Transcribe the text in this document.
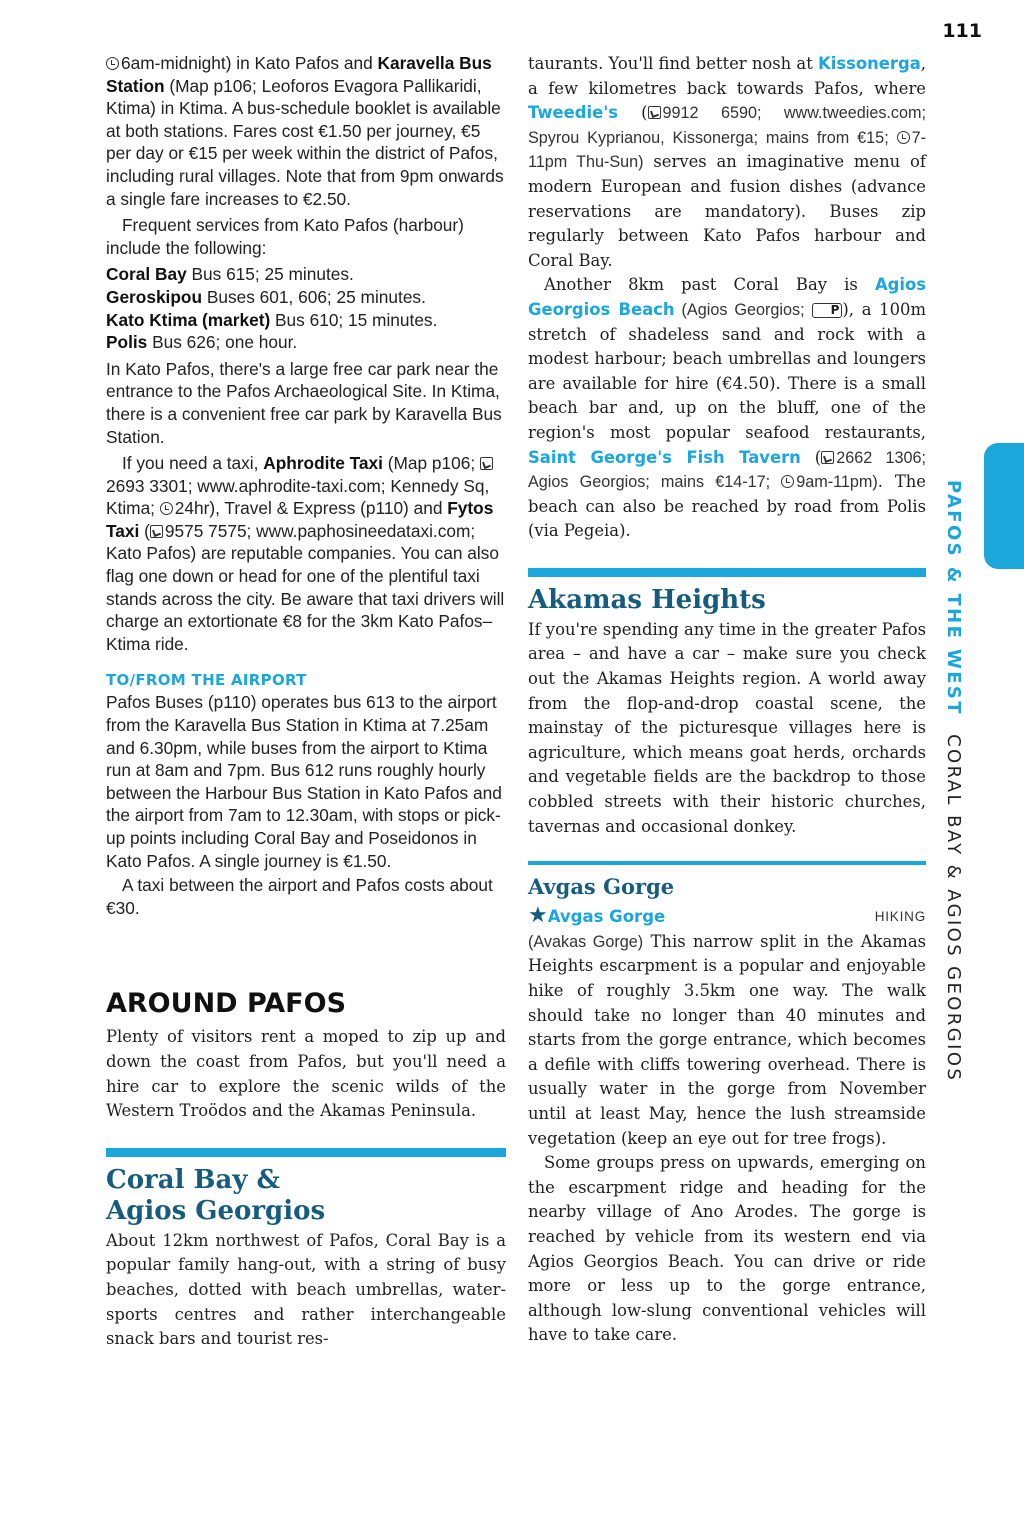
111
PAFOS & THE WEST CORAL BAY & AGIOS GEORGIOS

6am-midnight) in Kato Pafos and Karavella Bus Station (Map p106; Leoforos Evagora Pallikaridi, Ktima) in Ktima. A bus-schedule booklet is available at both stations. Fares cost €1.50 per journey, €5 per day or €15 per week within the district of Pafos, including rural villages. Note that from 9pm onwards a single fare increases to €2.50.

Frequent services from Kato Pafos (harbour) include the following:

Coral Bay Bus 615; 25 minutes.

Geroskipou Buses 601, 606; 25 minutes.

Kato Ktima (market) Bus 610; 15 minutes.

Polis Bus 626; one hour.

In Kato Pafos, there's a large free car park near the entrance to the Pafos Archaeological Site. In Ktima, there is a convenient free car park by Karavella Bus Station.

If you need a taxi, Aphrodite Taxi (Map p106; 2693 3301; www.aphrodite-taxi.com; Kennedy Sq, Ktima; 24hr), Travel & Express (p110) and Fytos Taxi ( 9575 7575; www.paphosineedataxi.com; Kato Pafos) are reputable companies. You can also flag one down or head for one of the plentiful taxi stands across the city. Be aware that taxi drivers will charge an extortionate €8 for the 3km Kato Pafos–Ktima ride.

TO/FROM THE AIRPORT

Pafos Buses (p110) operates bus 613 to the airport from the Karavella Bus Station in Ktima at 7.25am and 6.30pm, while buses from the airport to Ktima run at 8am and 7pm. Bus 612 runs roughly hourly between the Harbour Bus Station in Kato Pafos and the airport from 7am to 12.30am, with stops or pick-up points including Coral Bay and Poseidonos in Kato Pafos. A single journey is €1.50.

A taxi between the airport and Pafos costs about €30.

AROUND PAFOS

Plenty of visitors rent a moped to zip up and down the coast from Pafos, but you'll need a hire car to explore the scenic wilds of the Western Troödos and the Akamas Peninsula.

Coral Bay &
Agios Georgios

About 12km northwest of Pafos, Coral Bay is a popular family hang-out, with a string of busy beaches, dotted with beach umbrellas, water-sports centres and rather interchangeable snack bars and tourist res-

taurants. You'll find better nosh at Kissonerga, a few kilometres back towards Pafos, where Tweedie's ( 9912 6590; www.tweedies.com; Spyrou Kyprianou, Kissonerga; mains from €15; 7-11pm Thu-Sun) serves an imaginative menu of modern European and fusion dishes (advance reservations are mandatory). Buses zip regularly between Kato Pafos harbour and Coral Bay.

Another 8km past Coral Bay is Agios Georgios Beach (Agios Georgios; P ), a 100m stretch of shadeless sand and rock with a modest harbour; beach umbrellas and loungers are available for hire (€4.50). There is a small beach bar and, up on the bluff, one of the region's most popular seafood restaurants, Saint George's Fish Tavern ( 2662 1306; Agios Georgios; mains €14-17; 9am-11pm). The beach can also be reached by road from Polis (via Pegeia).

Akamas Heights

If you're spending any time in the greater Pafos area – and have a car – make sure you check out the Akamas Heights region. A world away from the flop-and-drop coastal scene, the mainstay of the picturesque villages here is agriculture, which means goat herds, orchards and vegetable fields are the backdrop to those cobbled streets with their historic churches, tavernas and occasional donkey.

Avgas Gorge
★Avgas Gorge	HIKING

(Avakas Gorge) This narrow split in the Akamas Heights escarpment is a popular and enjoyable hike of roughly 3.5km one way. The walk should take no longer than 40 minutes and starts from the gorge entrance, which becomes a defile with cliffs towering overhead. There is usually water in the gorge from November until at least May, hence the lush streamside vegetation (keep an eye out for tree frogs).

Some groups press on upwards, emerging on the escarpment ridge and heading for the nearby village of Ano Arodes. The gorge is reached by vehicle from its western end via Agios Georgios Beach. You can drive or ride more or less up to the gorge entrance, although low-slung conventional vehicles will have to take care.
